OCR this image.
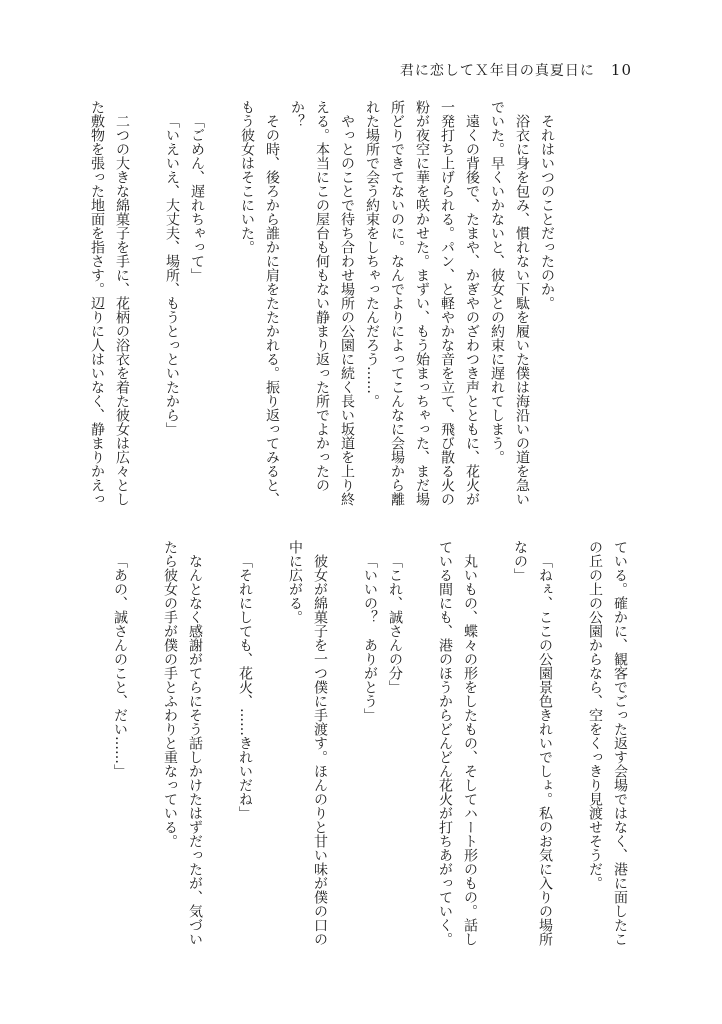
君に恋してＸ年目の真夏日に 10
それはいつのことだったのか。
浴衣に身を包み、慣れない下駄を履いた僕は海沿いの道を急い
でいた。早くいかないと、彼女との約束に遅れてしまう。
遠くの背後で、たまや、かぎやのざわつき声とともに、花火が
一発打ち上げられる。パン、と軽やかな音を立て、飛び散る火の
粉が夜空に華を咲かせた。まずい、もう始まっちゃった、まだ場
所どりできてないのに。なんでよりによってこんなに会場から離
れた場所で会う約束をしちゃったんだろう……。
やっとのことで待ち合わせ場所の公園に続く長い坂道を上り終
える。本当にこの屋台も何もない静まり返った所でよかったの
か？
その時、後ろから誰かに肩をたたかれる。振り返ってみると、
もう彼女はそこにいた。
「ごめん、遅れちゃって」
「いえいえ、大丈夫、場所、もうとっといたから」
二つの大きな綿菓子を手に、花柄の浴衣を着た彼女は広々とし
た敷物を張った地面を指さす。辺りに人はいなく、静まりかえっ
ている。確かに、観客でごった返す会場ではなく、港に面したこ
の丘の上の公園からなら、空をくっきり見渡せそうだ。
「ねぇ、ここの公園景色きれいでしょ。私のお気に入りの場所
なの」
丸いもの、蝶々の形をしたもの、そしてハート形のもの。話し
ている間にも、港のほうからどんどん花火が打ちあがっていく。
「これ、誠さんの分」
「いいの？　ありがとう」
彼女が綿菓子を一つ僕に手渡す。ほんのりと甘い味が僕の口の
中に広がる。
「それにしても、花火、……きれいだね」
なんとなく感謝がてらにそう話しかけたはずだったが、気づい
たら彼女の手が僕の手とふわりと重なっている。
「あの、誠さんのこと、だい……」
